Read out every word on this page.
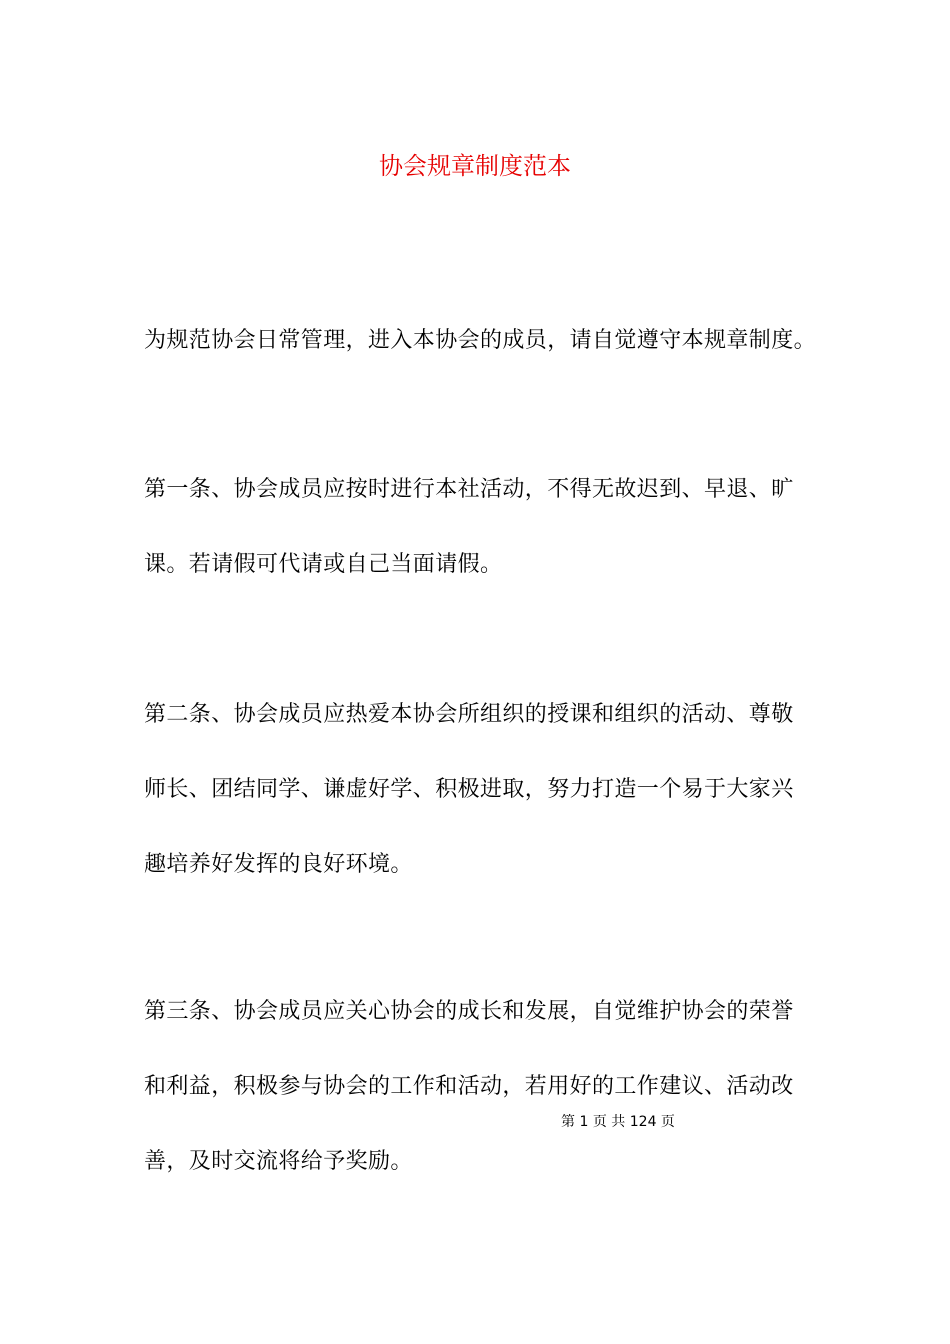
协会规章制度范本

为规范协会日常管理，进入本协会的成员，请自觉遵守本规章制度。

第一条、协会成员应按时进行本社活动，不得无故迟到、早退、旷
课。若请假可代请或自己当面请假。

第二条、协会成员应热爱本协会所组织的授课和组织的活动、尊敬
师长、团结同学、谦虚好学、积极进取，努力打造一个易于大家兴
趣培养好发挥的良好环境。

第三条、协会成员应关心协会的成长和发展，自觉维护协会的荣誉
和利益，积极参与协会的工作和活动，若用好的工作建议、活动改
善，及时交流将给予奖励。

第 1 页 共 124 页
